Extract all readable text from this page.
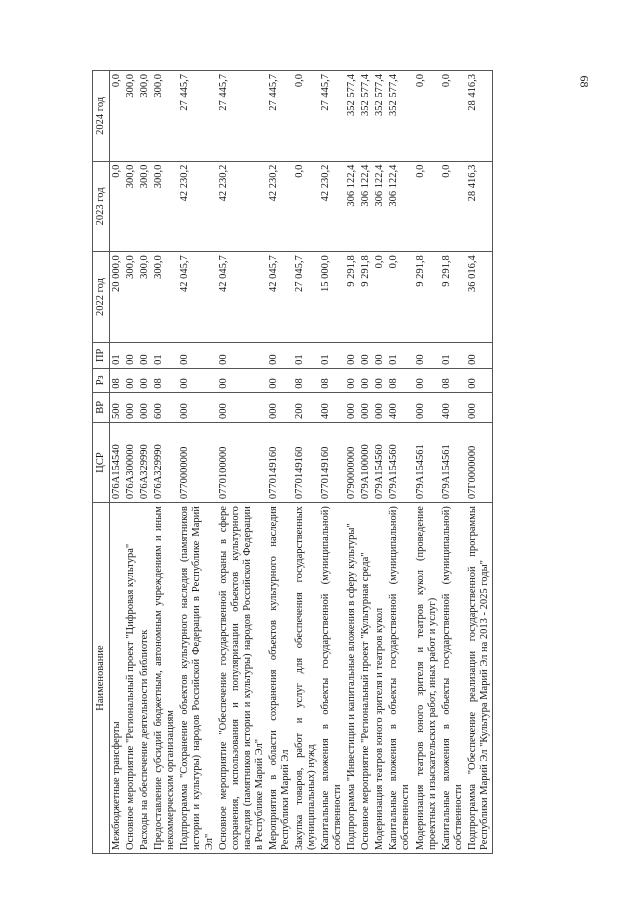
68
Наименование	ЦСР	ВР	Рз	ПР	2022 год	2023 год	2024 год
Межбюджетные трансферты	076A154540	500	08	01	20 000,0	0,0	0,0
Основное мероприятие "Региональный проект "Цифровая культура"	076A300000	000	00	00	300,0	300,0	300,0
Расходы на обеспечение деятельности библиотек	076A329990	000	00	00	300,0	300,0	300,0
Предоставление субсидий бюджетным, автономным учреждениям и иным некоммерческим организациям	076A329990	600	08	01	300,0	300,0	300,0
Подпрограмма "Сохранение объектов культурного наследия (памятников истории и культуры) народов Российской Федерации в Республике Марий Эл"	0770000000	000	00	00	42 045,7	42 230,2	27 445,7
Основное мероприятие "Обеспечение государственной охраны в сфере сохранения, использования и популяризации объектов культурного наследия (памятников истории и культуры) народов Российской Федерации в Республике Марий Эл"	0770100000	000	00	00	42 045,7	42 230,2	27 445,7
Мероприятия в области сохранения объектов культурного наследия Республики Марий Эл	0770149160	000	00	00	42 045,7	42 230,2	27 445,7
Закупка товаров, работ и услуг для обеспечения государственных (муниципальных) нужд	0770149160	200	08	01	27 045,7	0,0	0,0
Капитальные вложения в объекты государственной (муниципальной) собственности	0770149160	400	08	01	15 000,0	42 230,2	27 445,7
Подпрограмма "Инвестиции и капитальные вложения в сферу культуры"	0790000000	000	00	00	9 291,8	306 122,4	352 577,4
Основное мероприятие "Региональный проект "Культурная среда"	079A100000	000	00	00	9 291,8	306 122,4	352 577,4
Модернизация театров юного зрителя и театров кукол	079A154560	000	00	00	0,0	306 122,4	352 577,4
Капитальные вложения в объекты государственной (муниципальной) собственности	079A154560	400	08	01	0,0	306 122,4	352 577,4
Модернизация театров юного зрителя и театров кукол (проведение проектных и изыскательских работ, иных работ и услуг)	079A154561	000	00	00	9 291,8	0,0	0,0
Капитальные вложения в объекты государственной (муниципальной) собственности	079A154561	400	08	01	9 291,8	0,0	0,0
Подпрограмма "Обеспечение реализации государственной программы Республики Марий Эл "Культура Марий Эл на 2013 - 2025 годы"	07Г0000000	000	00	00	36 016,4	28 416,3	28 416,3
